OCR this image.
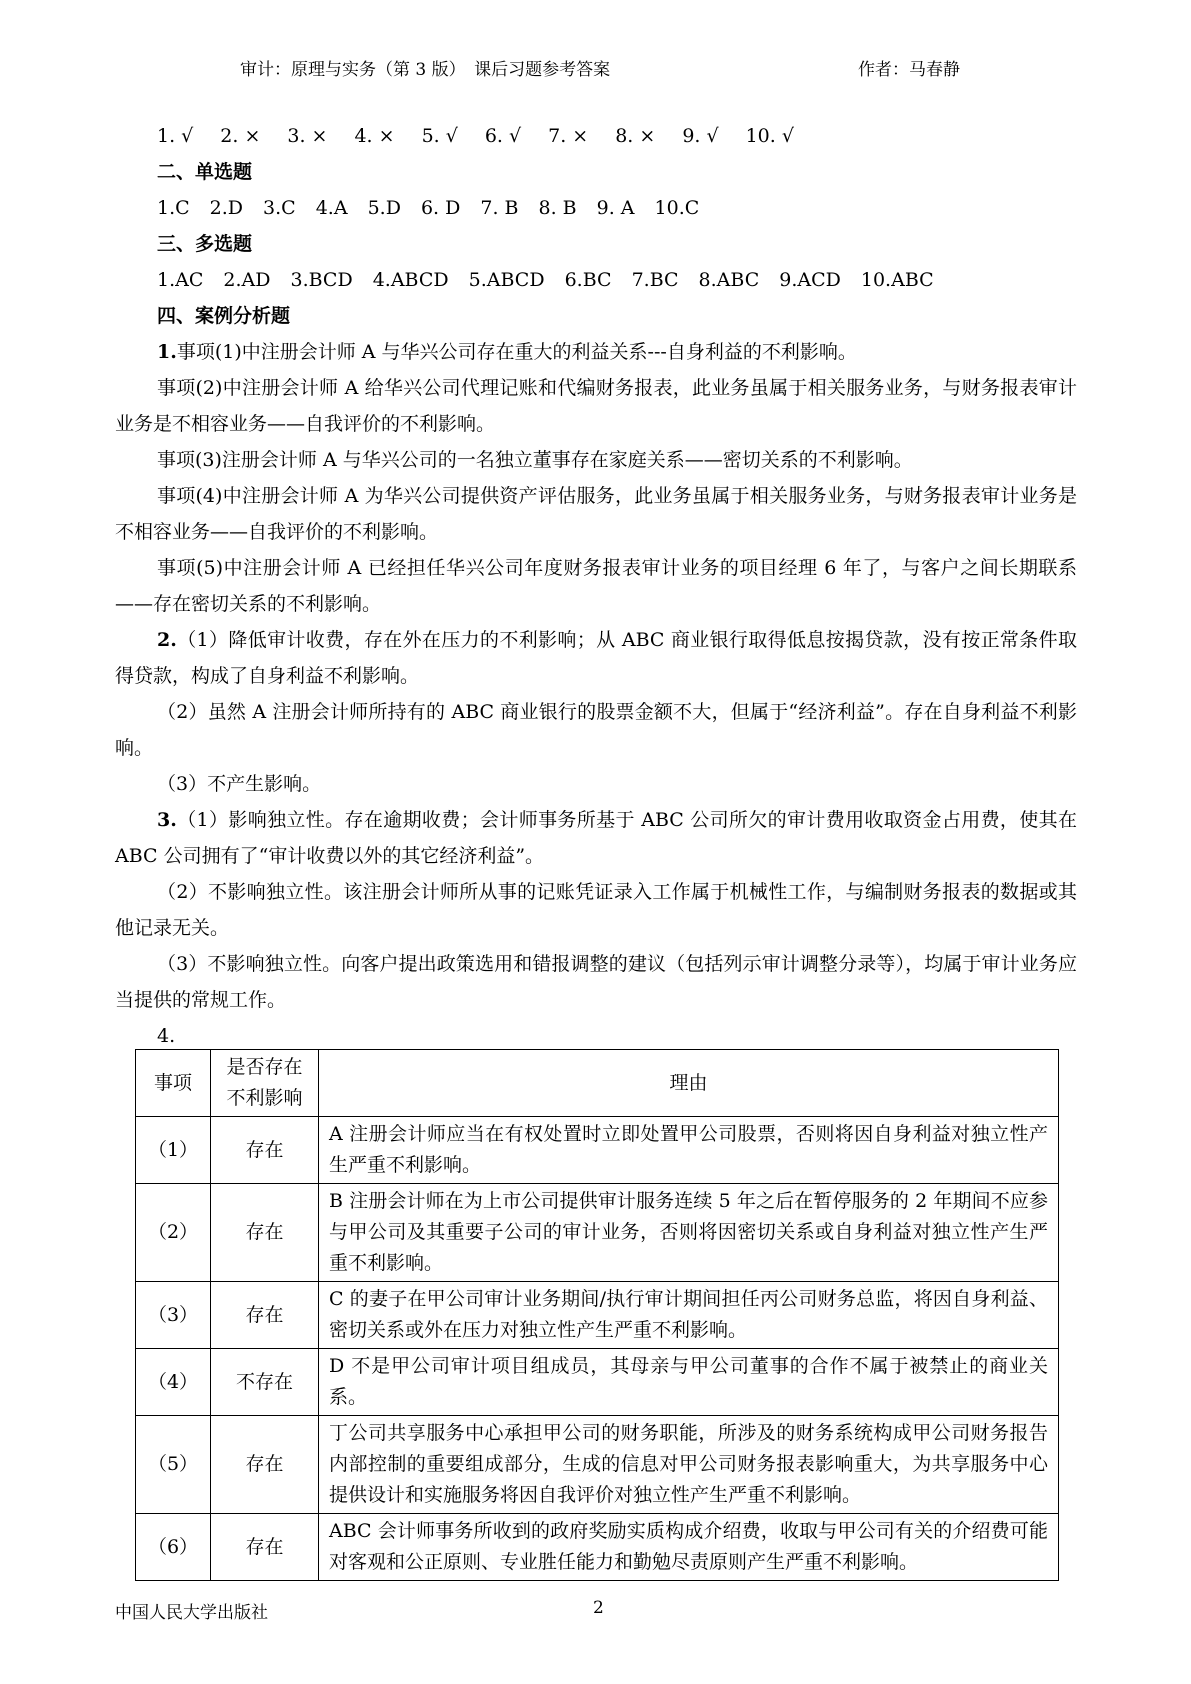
审计：原理与实务（第 3 版）　课后习题参考答案	作者：马春静
1. √ 2. × 3. × 4. × 5. √ 6. √ 7. × 8. × 9. √ 10. √
二、单选题
1.C 2.D 3.C 4.A 5.D 6. D 7. B 8. B 9. A 10.C
三、多选题
1.AC 2.AD 3.BCD 4.ABCD 5.ABCD 6.BC 7.BC 8.ABC 9.ACD 10.ABC
四、案例分析题
1.事项(1)中注册会计师 A 与华兴公司存在重大的利益关系---自身利益的不利影响。
事项(2)中注册会计师 A 给华兴公司代理记账和代编财务报表，此业务虽属于相关服务业务，与财务报表审计业务是不相容业务——自我评价的不利影响。
事项(3)注册会计师 A 与华兴公司的一名独立董事存在家庭关系——密切关系的不利影响。
事项(4)中注册会计师 A 为华兴公司提供资产评估服务，此业务虽属于相关服务业务，与财务报表审计业务是不相容业务——自我评价的不利影响。
事项(5)中注册会计师 A 已经担任华兴公司年度财务报表审计业务的项目经理 6 年了，与客户之间长期联系——存在密切关系的不利影响。
2.（1）降低审计收费，存在外在压力的不利影响；从 ABC 商业银行取得低息按揭贷款，没有按正常条件取得贷款，构成了自身利益不利影响。
（2）虽然 A 注册会计师所持有的 ABC 商业银行的股票金额不大，但属于“经济利益”。存在自身利益不利影响。
（3）不产生影响。
3.（1）影响独立性。存在逾期收费；会计师事务所基于 ABC 公司所欠的审计费用收取资金占用费，使其在 ABC 公司拥有了“审计收费以外的其它经济利益”。
（2）不影响独立性。该注册会计师所从事的记账凭证录入工作属于机械性工作，与编制财务报表的数据或其他记录无关。
（3）不影响独立性。向客户提出政策选用和错报调整的建议（包括列示审计调整分录等），均属于审计业务应当提供的常规工作。
4.
事项	是否存在不利影响	理由
（1）	存在	A 注册会计师应当在有权处置时立即处置甲公司股票，否则将因自身利益对独立性产生严重不利影响。
（2）	存在	B 注册会计师在为上市公司提供审计服务连续 5 年之后在暂停服务的 2 年期间不应参与甲公司及其重要子公司的审计业务，否则将因密切关系或自身利益对独立性产生严重不利影响。
（3）	存在	C 的妻子在甲公司审计业务期间/执行审计期间担任丙公司财务总监，将因自身利益、密切关系或外在压力对独立性产生严重不利影响。
（4）	不存在	D 不是甲公司审计项目组成员，其母亲与甲公司董事的合作不属于被禁止的商业关系。
（5）	存在	丁公司共享服务中心承担甲公司的财务职能，所涉及的财务系统构成甲公司财务报告内部控制的重要组成部分，生成的信息对甲公司财务报表影响重大，为共享服务中心提供设计和实施服务将因自我评价对独立性产生严重不利影响。
（6）	存在	ABC 会计师事务所收到的政府奖励实质构成介绍费，收取与甲公司有关的介绍费可能对客观和公正原则、专业胜任能力和勤勉尽责原则产生严重不利影响。
中国人民大学出版社	2
